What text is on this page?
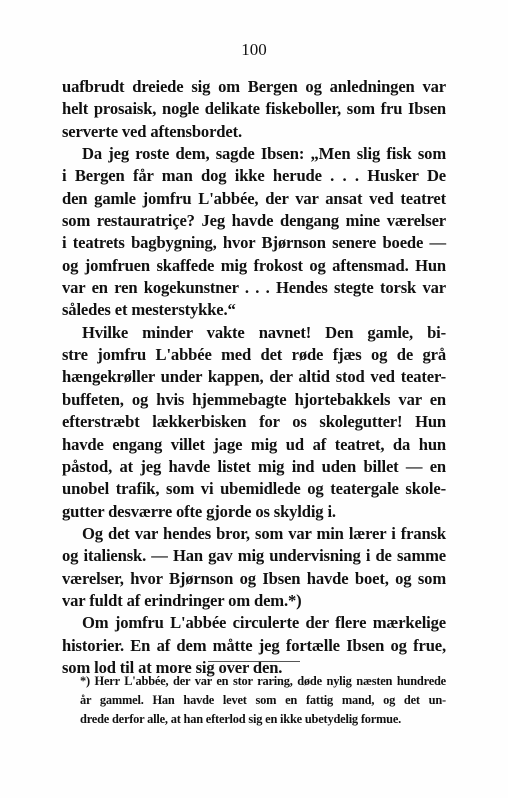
100
uafbrudt dreiede sig om Bergen og anledningen var
helt prosaisk, nogle delikate fiskeboller, som fru Ibsen
serverte ved aftensbordet.
Da jeg roste dem, sagde Ibsen: „Men slig fisk som
i Bergen får man dog ikke herude . . . Husker De
den gamle jomfru L'abbée, der var ansat ved teatret
som restauratriçe? Jeg havde dengang mine værelser
i teatrets bagbygning, hvor Bjørnson senere boede —
og jomfruen skaffede mig frokost og aftensmad. Hun
var en ren kogekunstner . . . Hendes stegte torsk var
således et mesterstykke.“
Hvilke minder vakte navnet! Den gamle, bi-
stre jomfru L'abbée med det røde fjæs og de grå
hængekrøller under kappen, der altid stod ved teater-
buffeten, og hvis hjemmebagte hjortebakkels var en
efterstræbt lækkerbisken for os skolegutter! Hun
havde engang villet jage mig ud af teatret, da hun
påstod, at jeg havde listet mig ind uden billet — en
unobel trafik, som vi ubemidlede og teatergale skole-
gutter desværre ofte gjorde os skyldig i.
Og det var hendes bror, som var min lærer i fransk
og italiensk. — Han gav mig undervisning i de samme
værelser, hvor Bjørnson og Ibsen havde boet, og som
var fuldt af erindringer om dem.*)
Om jomfru L'abbée circulerte der flere mærkelige
historier. En af dem måtte jeg fortælle Ibsen og frue,
som lod til at more sig over den.
*) Herr L'abbée, der var en stor raring, døde nylig næsten hundrede
år gammel. Han havde levet som en fattig mand, og det un-
drede derfor alle, at han efterlod sig en ikke ubetydelig formue.
